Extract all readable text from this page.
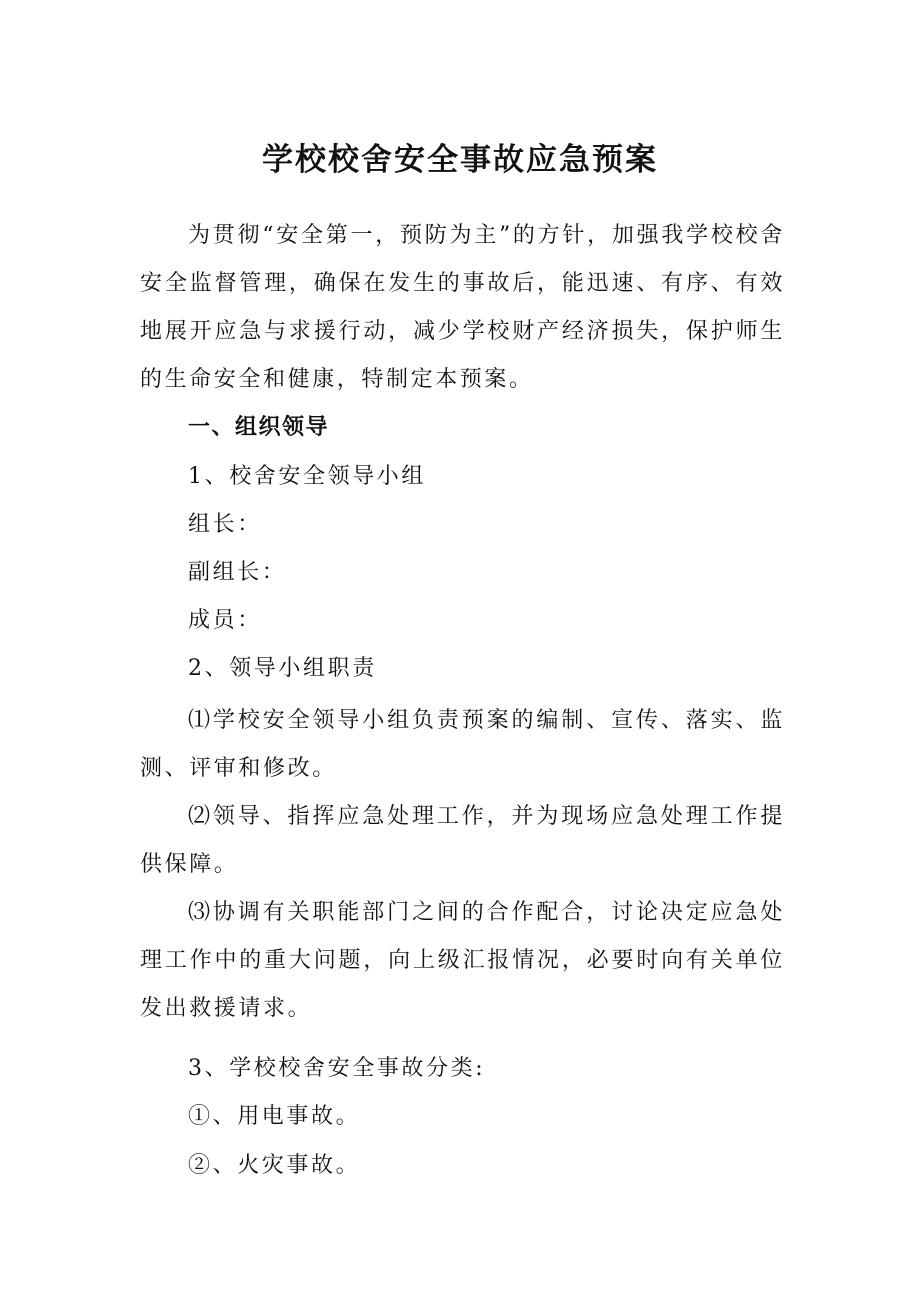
学校校舍安全事故应急预案
为贯彻“安全第一，预防为主”的方针，加强我学校校舍安全监督管理，确保在发生的事故后，能迅速、有序、有效地展开应急与求援行动，减少学校财产经济损失，保护师生的生命安全和健康，特制定本预案。
一、组织领导
1、校舍安全领导小组
组长：
副组长：
成员：
2、领导小组职责
⑴学校安全领导小组负责预案的编制、宣传、落实、监测、评审和修改。
⑵领导、指挥应急处理工作，并为现场应急处理工作提供保障。
⑶协调有关职能部门之间的合作配合，讨论决定应急处理工作中的重大问题，向上级汇报情况，必要时向有关单位发出救援请求。
3、学校校舍安全事故分类:
①、用电事故。
②、火灾事故。
